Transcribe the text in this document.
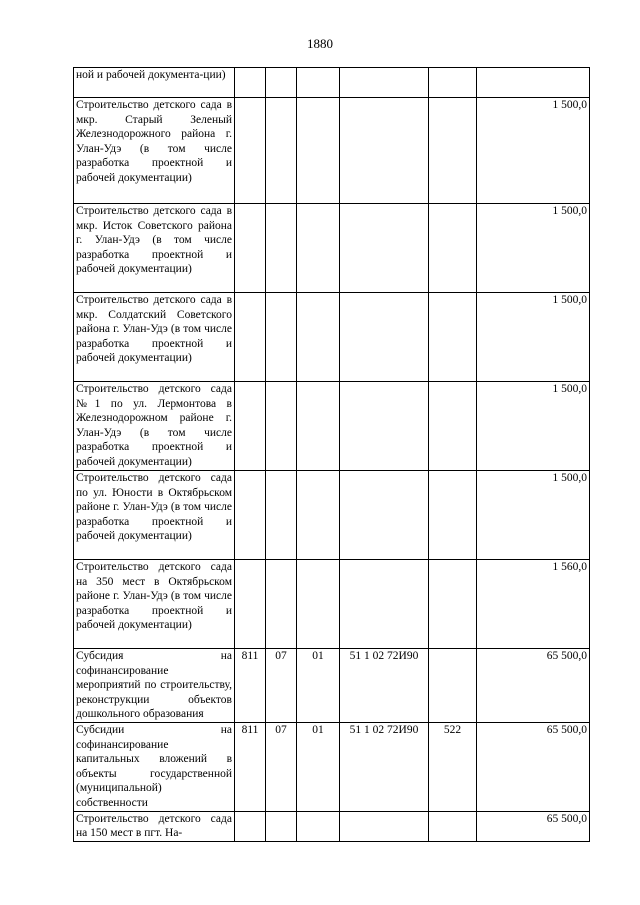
1880
ной и рабочей документа-ции)						
Строительство детского сада в мкр. Старый Зеленый Железнодорожного района г. Улан-Удэ (в том числе разработка проектной и рабочей документации)						1 500,0
Строительство детского сада в мкр. Исток Советского района г. Улан-Удэ (в том числе разработка проектной и рабочей документации)						1 500,0
Строительство детского сада в мкр. Солдатский Советского района г. Улан-Удэ (в том числе разработка проектной и рабочей документации)						1 500,0
Строительство детского сада №1 по ул. Лермонтова в Железнодорожном районе г. Улан-Удэ (в том числе разработка проектной и рабочей документации)						1 500,0
Строительство детского сада по ул. Юности в Октябрьском районе г. Улан-Удэ (в том числе разработка проектной и рабочей документации)						1 500,0
Строительство детского сада на 350 мест в Октябрьском районе г. Улан-Удэ (в том числе разработка проектной и рабочей документации)						1 560,0
Субсидия на софинансирование мероприятий по строительству, реконструкции объектов дошкольного образования	811	07	01	51 1 02 72И90		65 500,0
Субсидии на софинансирование капитальных вложений в объекты государственной (муниципальной) собственности	811	07	01	51 1 02 72И90	522	65 500,0
Строительство детского сада на 150 мест в пгт. На-						65 500,0
